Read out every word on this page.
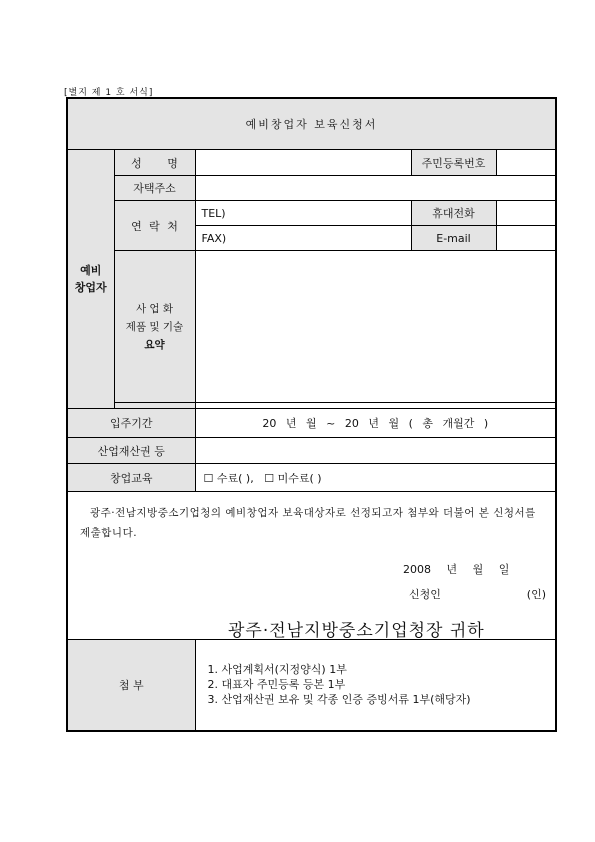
[별지 제 1 호 서식]
예비창업자 보육신청서				
예비
창업자	성 명		주민등록번호	
	자택주소			
	연 락 처	TEL)	휴대전화	
		FAX)	E-mail	

	사 업 화
제품 및 기술
요약			

입주기간		20 년 월 ~ 20 년 월 ( 총 개월간 )		
산업재산권 등				
창업교육		☐ 수료( ), ☐ 미수료( )		

광주·전남지방중소기업청의 예비창업자 보육대상자로 선정되고자 첨부와 더불어 본 신청서를 제출합니다.
2008 년 월 일
신청인 (인)
광주·전남지방중소기업청장 귀하				

첨 부		1. 사업계획서(지정양식) 1부
2. 대표자 주민등록 등본 1부
3. 산업재산권 보유 및 각종 인증 증빙서류 1부(해당자)		
